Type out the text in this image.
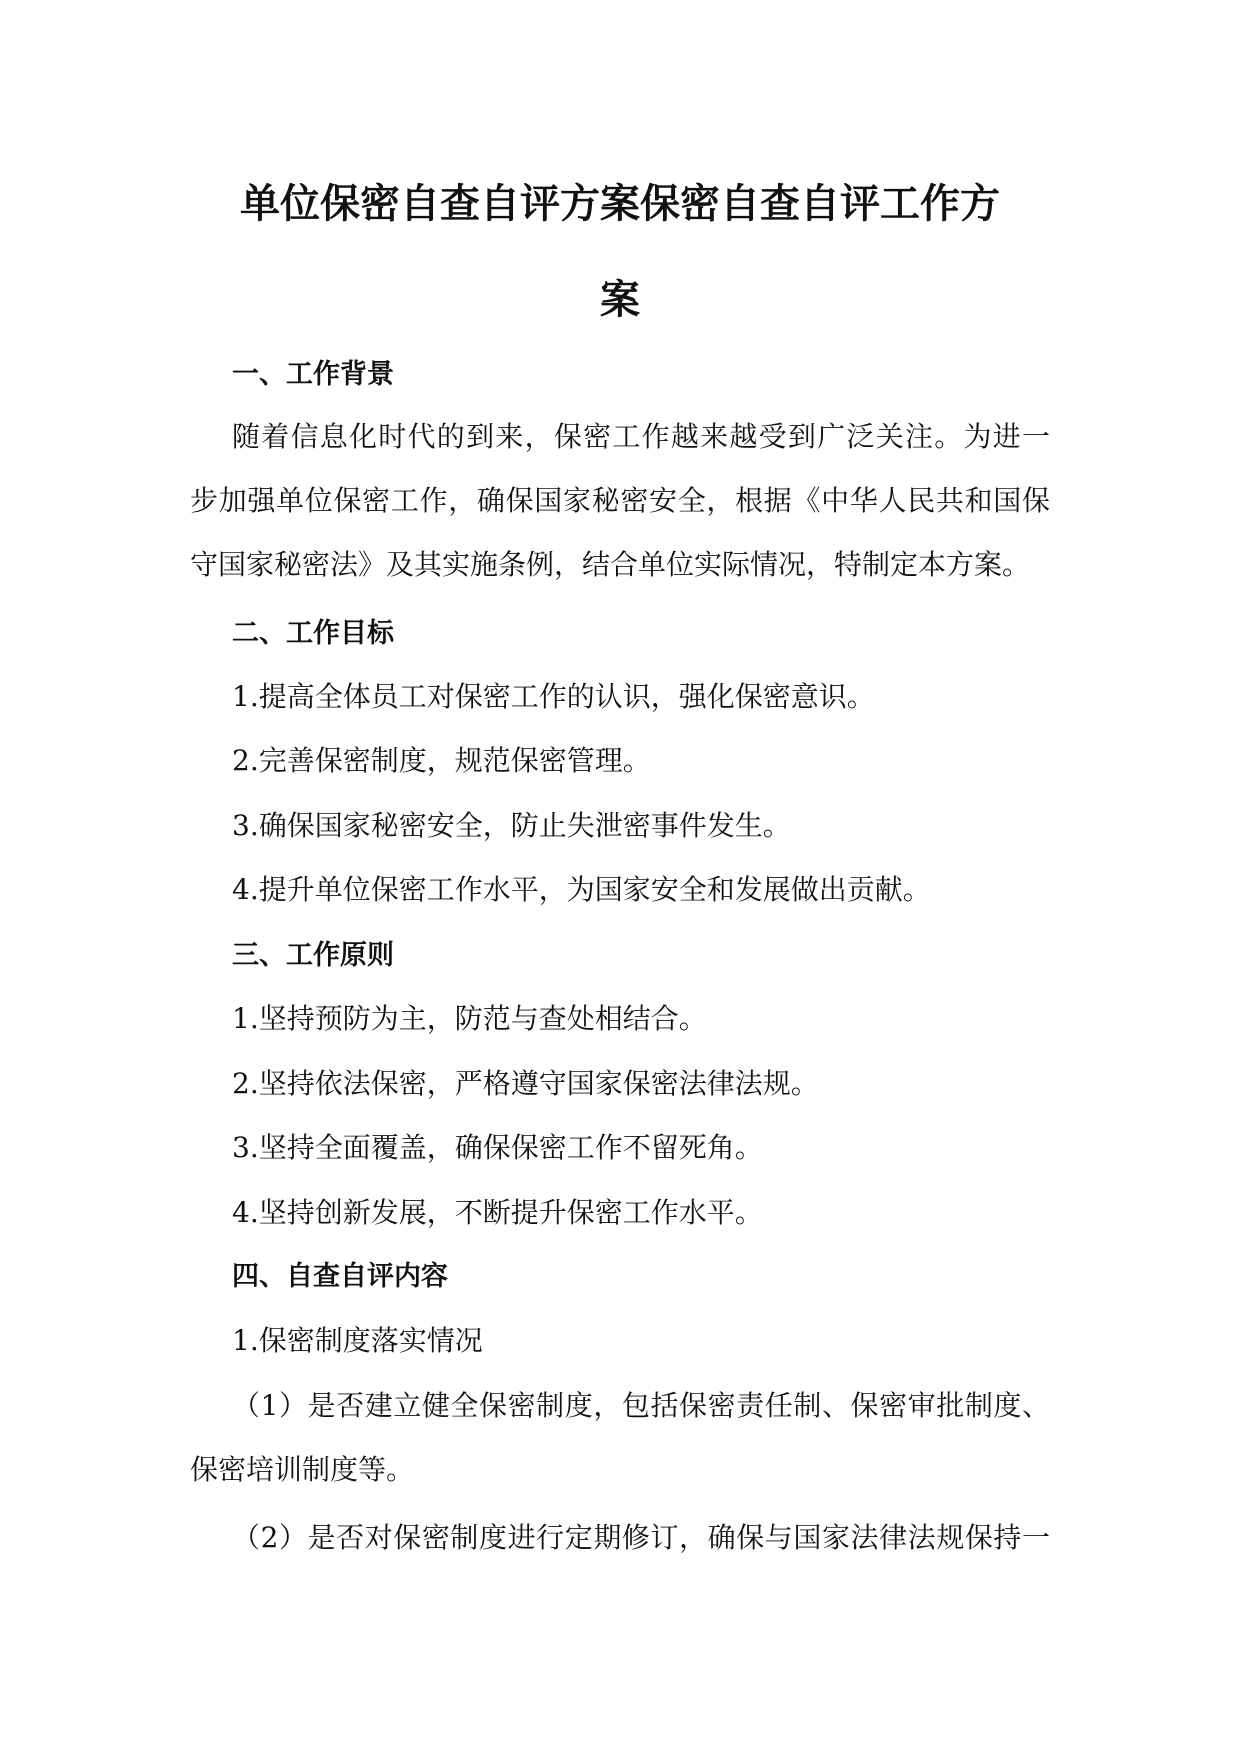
单位保密自查自评方案保密自查自评工作方
案
一、工作背景

随着信息化时代的到来，保密工作越来越受到广泛关注。为进一

步加强单位保密工作，确保国家秘密安全，根据《中华人民共和国保

守国家秘密法》及其实施条例，结合单位实际情况，特制定本方案。

二、工作目标

1.提高全体员工对保密工作的认识，强化保密意识。

2.完善保密制度，规范保密管理。

3.确保国家秘密安全，防止失泄密事件发生。

4.提升单位保密工作水平，为国家安全和发展做出贡献。

三、工作原则

1.坚持预防为主，防范与查处相结合。

2.坚持依法保密，严格遵守国家保密法律法规。

3.坚持全面覆盖，确保保密工作不留死角。

4.坚持创新发展，不断提升保密工作水平。

四、自查自评内容

1.保密制度落实情况

（1）是否建立健全保密制度，包括保密责任制、保密审批制度、

保密培训制度等。

（2）是否对保密制度进行定期修订，确保与国家法律法规保持一
